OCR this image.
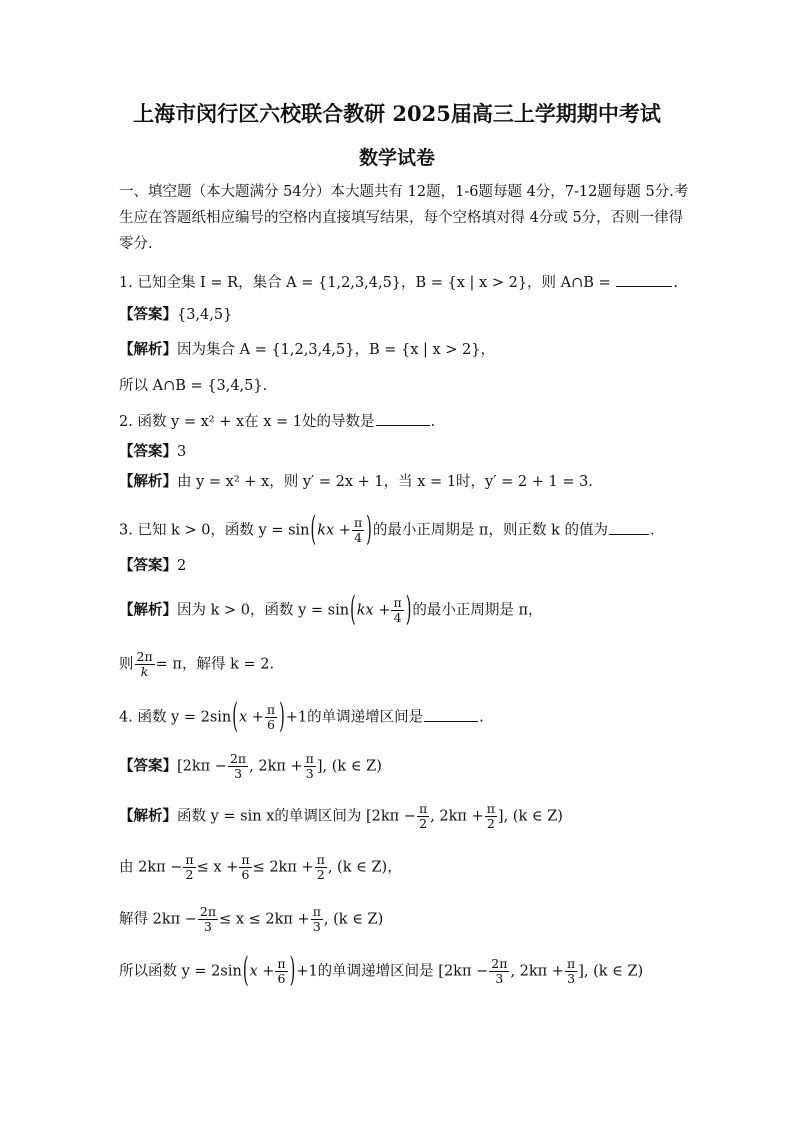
上海市闵行区六校联合教研 2025届高三上学期期中考试
数学试卷
一、填空题（本大题满分 54分）本大题共有 12题，1-6题每题 4分，7-12题每题 5分.考
生应在答题纸相应编号的空格内直接填写结果，每个空格填对得 4分或 5分，否则一律得
零分.
1. 已知全集 I = R，集合 A = {1,2,3,4,5}，B = {x | x > 2}，则 A∩B =	.
【答案】{3,4,5}
【解析】因为集合 A = {1,2,3,4,5}，B = {x | x > 2}，
所以 A∩B = {3,4,5}.
2. 函数 y = x² + x在 x = 1处的导数是	.
【答案】3
【解析】由 y = x² + x，则 y′ = 2x + 1，当 x = 1时，y′ = 2 + 1 = 3.
3. 已知 k > 0，函数 $y = \sin(kx + \frac{\pi}{4}$ )的最小正周期是 π，则正数 k 的值为	.
【答案】2
【解析】因为 k > 0，函数 $y = \sin(kx + \frac{\pi}{4}$ )的最小正周期是 π，
则 $\frac{2\pi}{k} = \pi$，解得 k = 2.
4. 函数 $y = 2\sin(x + \frac{\pi}{6} )+1$的单调递增区间是	.
【答案】[$2k\pi - \frac{2\pi}{3}$ , $2k\pi + \frac{\pi}{3}$ ], (k ∈ Z)
【解析】函数 y = sin x的单调区间为 [$2k\pi - \frac{\pi}{2}$ , $2k\pi + \frac{\pi}{2}$ ], (k ∈ Z)
由 $2k\pi - \frac{\pi}{2} \le x + \frac{\pi}{6} \le 2k\pi + \frac{\pi}{2}$ , (k ∈ Z)，
解得 $2k\pi - \frac{2\pi}{3} \le x \le 2k\pi + \frac{\pi}{3}$ , (k ∈ Z)
所以函数 $y = 2\sin(x + \frac{\pi}{6} )+1$的单调递增区间是 [$2k\pi - \frac{2\pi}{3}$ , $2k\pi + \frac{\pi}{3}$ ], (k ∈ Z)
